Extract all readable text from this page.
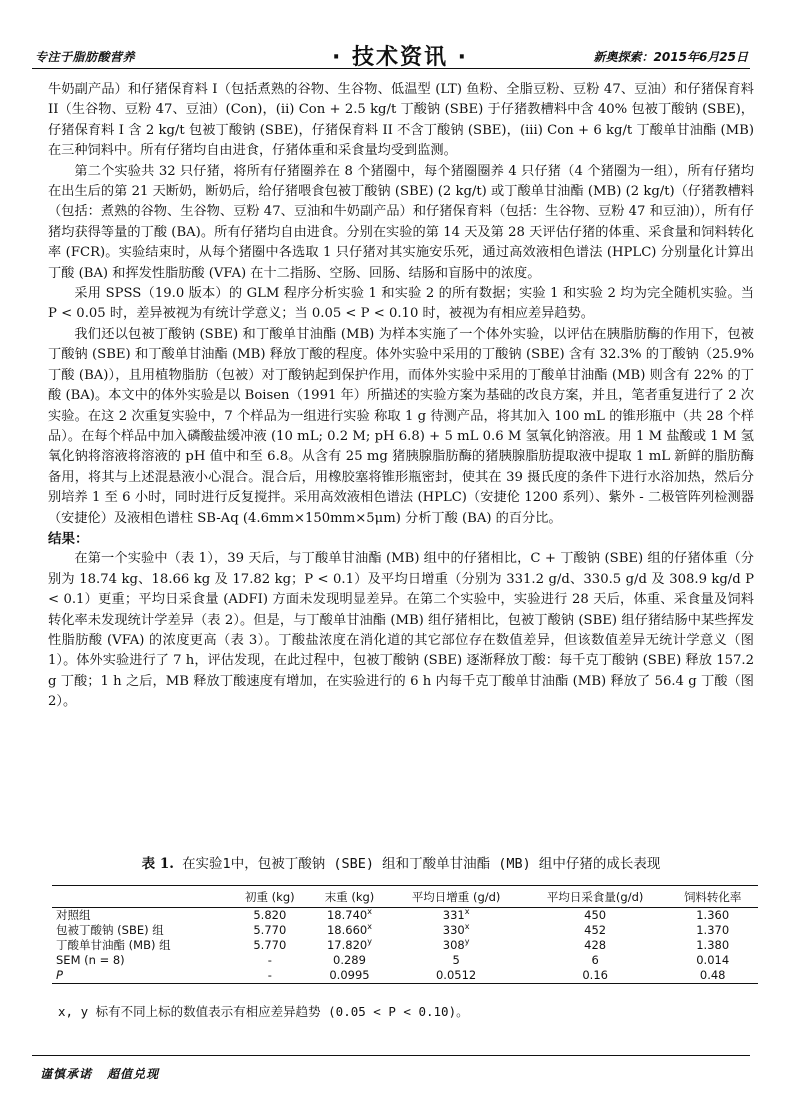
专注于脂肪酸营养	· 技术资讯 ·	新奥探索：2015年6月25日

牛奶副产品）和仔猪保育料 I（包括煮熟的谷物、生谷物、低温型 (LT) 鱼粉、全脂豆粉、豆粉 47、豆油）和仔猪保育料 II（生谷物、豆粉 47、豆油）(Con)，(ii) Con + 2.5 kg/t 丁酸钠 (SBE) 于仔猪教槽料中含 40% 包被丁酸钠 (SBE)，仔猪保育料 I 含 2 kg/t 包被丁酸钠 (SBE)，仔猪保育料 II 不含丁酸钠 (SBE)，(iii) Con + 6 kg/t 丁酸单甘油酯 (MB) 在三种饲料中。所有仔猪均自由进食，仔猪体重和采食量均受到监测。

第二个实验共 32 只仔猪，将所有仔猪圈养在 8 个猪圈中，每个猪圈圈养 4 只仔猪（4 个猪圈为一组），所有仔猪均在出生后的第 21 天断奶，断奶后，给仔猪喂食包被丁酸钠 (SBE) (2 kg/t) 或丁酸单甘油酯 (MB) (2 kg/t)（仔猪教槽料（包括：煮熟的谷物、生谷物、豆粉 47、豆油和牛奶副产品）和仔猪保育料（包括：生谷物、豆粉 47 和豆油)），所有仔猪均获得等量的丁酸 (BA)。所有仔猪均自由进食。分别在实验的第 14 天及第 28 天评估仔猪的体重、采食量和饲料转化率 (FCR)。实验结束时，从每个猪圈中各选取 1 只仔猪对其实施安乐死，通过高效液相色谱法 (HPLC) 分别量化计算出丁酸 (BA) 和挥发性脂肪酸 (VFA) 在十二指肠、空肠、回肠、结肠和盲肠中的浓度。

采用 SPSS（19.0 版本）的 GLM 程序分析实验 1 和实验 2 的所有数据；实验 1 和实验 2 均为完全随机实验。当 P < 0.05 时，差异被视为有统计学意义；当 0.05 < P < 0.10 时，被视为有相应差异趋势。

我们还以包被丁酸钠 (SBE) 和丁酸单甘油酯 (MB) 为样本实施了一个体外实验，以评估在胰脂肪酶的作用下，包被丁酸钠 (SBE) 和丁酸单甘油酯 (MB) 释放丁酸的程度。体外实验中采用的丁酸钠 (SBE) 含有 32.3% 的丁酸钠（25.9% 丁酸 (BA)），且用植物脂肪（包被）对丁酸钠起到保护作用，而体外实验中采用的丁酸单甘油酯 (MB) 则含有 22% 的丁酸 (BA)。本文中的体外实验是以 Boisen（1991 年）所描述的实验方案为基础的改良方案，并且，笔者重复进行了 2 次实验。在这 2 次重复实验中，7 个样品为一组进行实验 称取 1 g 待测产品，将其加入 100 mL 的锥形瓶中（共 28 个样品）。在每个样品中加入磷酸盐缓冲液 (10 mL; 0.2 M; pH 6.8) + 5 mL 0.6 M 氢氧化钠溶液。用 1 M 盐酸或 1 M 氢氧化钠将溶液将溶液的 pH 值中和至 6.8。从含有 25 mg 猪胰腺脂肪酶的猪胰腺脂肪提取液中提取 1 mL 新鲜的脂肪酶备用，将其与上述混悬液小心混合。混合后，用橡胶塞将锥形瓶密封，使其在 39 摄氏度的条件下进行水浴加热，然后分别培养 1 至 6 小时，同时进行反复搅拌。采用高效液相色谱法 (HPLC)（安捷伦 1200 系列）、紫外 - 二极管阵列检测器（安捷伦）及液相色谱柱 SB-Aq (4.6mm×150mm×5μm) 分析丁酸 (BA) 的百分比。

结果：

在第一个实验中（表 1），39 天后，与丁酸单甘油酯 (MB) 组中的仔猪相比，C + 丁酸钠 (SBE) 组的仔猪体重（分别为 18.74 kg、18.66 kg 及 17.82 kg；P < 0.1）及平均日增重（分别为 331.2 g/d、330.5 g/d 及 308.9 kg/d P < 0.1）更重；平均日采食量 (ADFI) 方面未发现明显差异。在第二个实验中，实验进行 28 天后，体重、采食量及饲料转化率未发现统计学差异（表 2）。但是，与丁酸单甘油酯 (MB) 组仔猪相比，包被丁酸钠 (SBE) 组仔猪结肠中某些挥发性脂肪酸 (VFA) 的浓度更高（表 3）。丁酸盐浓度在消化道的其它部位存在数值差异，但该数值差异无统计学意义（图 1）。体外实验进行了 7 h，评估发现，在此过程中，包被丁酸钠 (SBE) 逐渐释放丁酸：每千克丁酸钠 (SBE) 释放 157.2 g 丁酸；1 h 之后，MB 释放丁酸速度有增加，在实验进行的 6 h 内每千克丁酸单甘油酯 (MB) 释放了 56.4 g 丁酸（图 2）。

表 1. 在实验1中，包被丁酸钠 (SBE) 组和丁酸单甘油酯 (MB) 组中仔猪的成长表现
	初重 (kg)	末重 (kg)	平均日增重 (g/d)	平均日采食量(g/d)	饲料转化率
对照组	5.820	18.740$^x$	331$^x$	450	1.360
包被丁酸钠 (SBE) 组	5.770	18.660$^x$	330$^x$	452	1.370
丁酸单甘油酯 (MB) 组	5.770	17.820$^y$	308$^y$	428	1.380
SEM (n = 8)	-	0.289	5	6	0.014
P	-	0.0995	0.0512	0.16	0.48
x, y 标有不同上标的数值表示有相应差异趋势 (0.05 < P < 0.10)。
谨慎承诺 超值兑现
